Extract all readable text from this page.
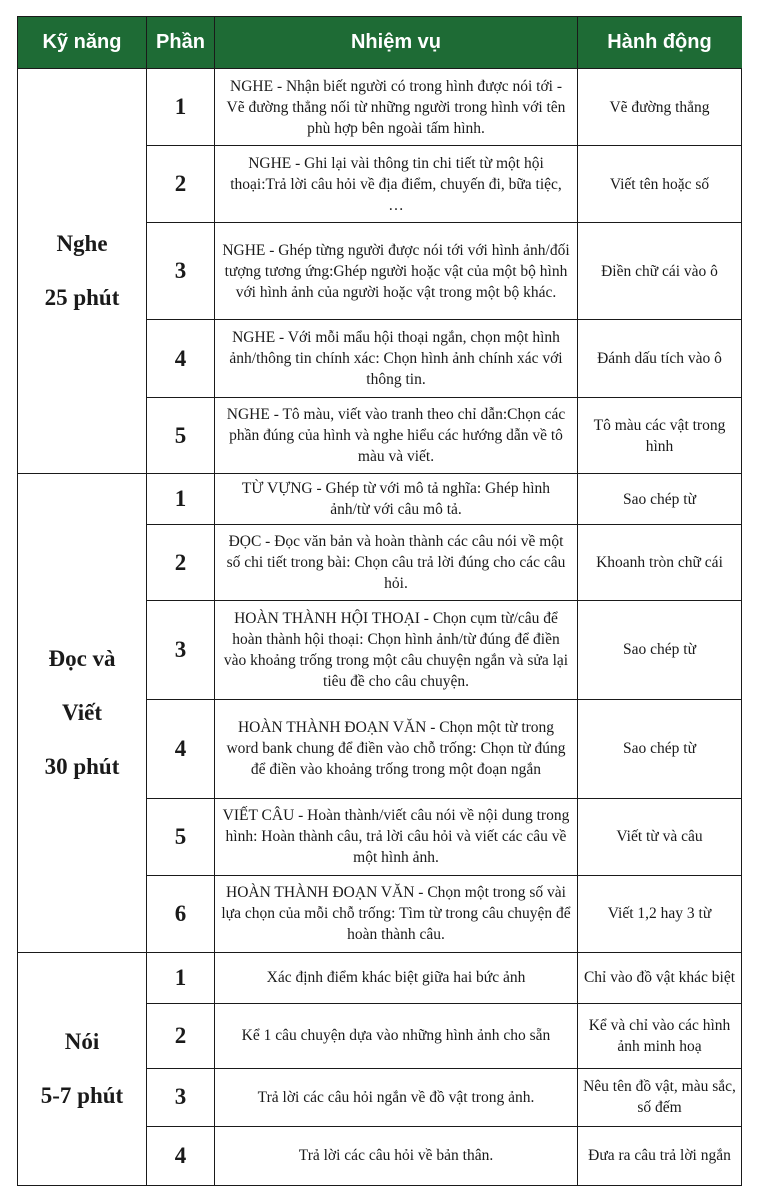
Kỹ năng	Phần	Nhiệm vụ	Hành động

Nghe
25 phút	1	NGHE - Nhận biết người có trong hình được nói tới - Vẽ đường thẳng nối từ những người trong hình với tên phù hợp bên ngoài tấm hình.	Vẽ đường thẳng
	2	NGHE - Ghi lại vài thông tin chi tiết từ một hội thoại:Trả lời câu hỏi về địa điểm, chuyến đi, bữa tiệc, …	Viết tên hoặc số
	3	NGHE - Ghép từng người được nói tới với hình ảnh/đối tượng tương ứng:Ghép người hoặc vật của một bộ hình với hình ảnh của người hoặc vật trong một bộ khác.	Điền chữ cái vào ô
	4	NGHE - Với mỗi mẩu hội thoại ngắn, chọn một hình ảnh/thông tin chính xác: Chọn hình ảnh chính xác với thông tin.	Đánh dấu tích vào ô
	5	NGHE - Tô màu, viết vào tranh theo chỉ dẫn:Chọn các phần đúng của hình và nghe hiểu các hướng dẫn về tô màu và viết.	Tô màu các vật trong hình

Đọc và
Viết
30 phút	1	TỪ VỰNG - Ghép từ với mô tả nghĩa: Ghép hình ảnh/từ với câu mô tả.	Sao chép từ
	2	ĐỌC - Đọc văn bản và hoàn thành các câu nói về một số chi tiết trong bài: Chọn câu trả lời đúng cho các câu hỏi.	Khoanh tròn chữ cái
	3	HOÀN THÀNH HỘI THOẠI - Chọn cụm từ/câu để hoàn thành hội thoại: Chọn hình ảnh/từ đúng để điền vào khoảng trống trong một câu chuyện ngắn và sửa lại tiêu đề cho câu chuyện.	Sao chép từ
	4	HOÀN THÀNH ĐOẠN VĂN - Chọn một từ trong word bank chung để điền vào chỗ trống: Chọn từ đúng để điền vào khoảng trống trong một đoạn ngắn	Sao chép từ
	5	VIẾT CÂU - Hoàn thành/viết câu nói về nội dung trong hình: Hoàn thành câu, trả lời câu hỏi và viết các câu về một hình ảnh.	Viết từ và câu
	6	HOÀN THÀNH ĐOẠN VĂN - Chọn một trong số vài lựa chọn của mỗi chỗ trống: Tìm từ trong câu chuyện để hoàn thành câu.	Viết 1,2 hay 3 từ

Nói
5-7 phút	1	Xác định điểm khác biệt giữa hai bức ảnh	Chỉ vào đồ vật khác biệt
	2	Kể 1 câu chuyện dựa vào những hình ảnh cho sẵn	Kể và chỉ vào các hình ảnh minh hoạ
	3	Trả lời các câu hỏi ngắn về đồ vật trong ảnh.	Nêu tên đồ vật, màu sắc, số đếm
	4	Trả lời các câu hỏi về bản thân.	Đưa ra câu trả lời ngắn
